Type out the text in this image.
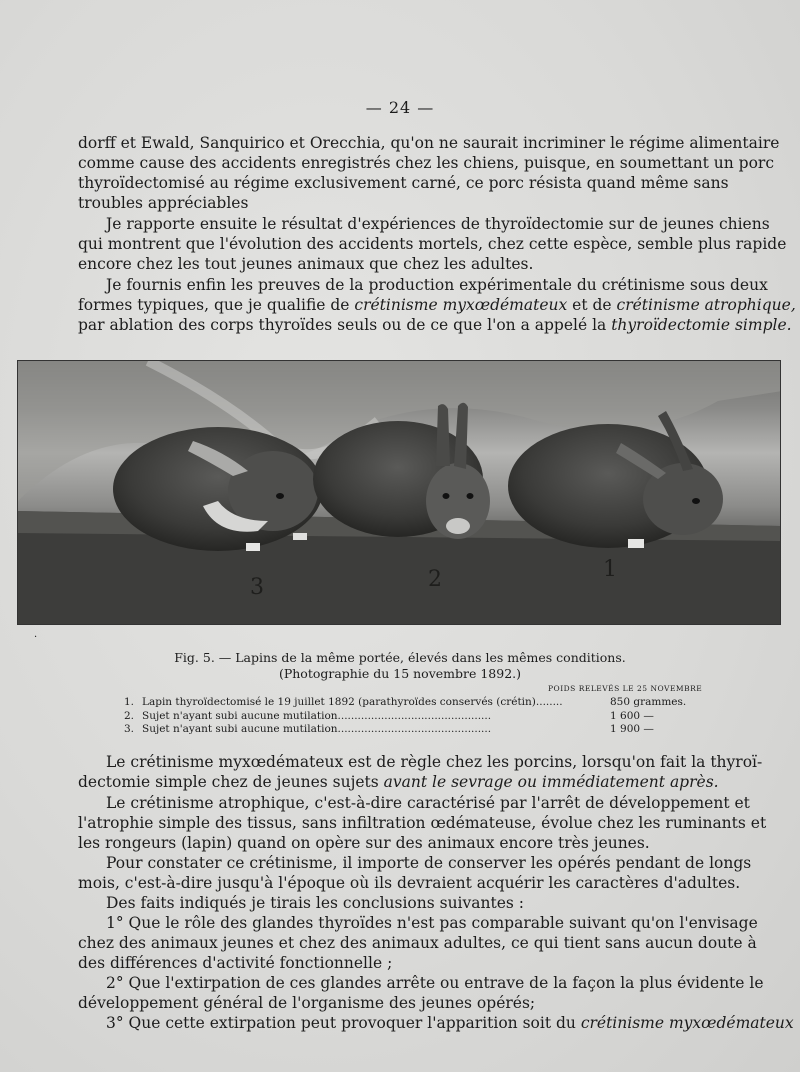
— 24 —

dorff et Ewald, Sanquirico et Orecchia, qu'on ne saurait incriminer le régime alimentaire
comme cause des accidents enregistrés chez les chiens, puisque, en soumettant un porc
thyroïdectomisé au régime exclusivement carné, ce porc résista quand même sans
troubles appréciables

Je rapporte ensuite le résultat d'expériences de thyroïdectomie sur de jeunes chiens
qui montrent que l'évolution des accidents mortels, chez cette espèce, semble plus rapide
encore chez les tout jeunes animaux que chez les adultes.

Je fournis enfin les preuves de la production expérimentale du crétinisme sous deux
formes typiques, que je qualifie de crétinisme myxœdémateux et de crétinisme atrophique,
par ablation des corps thyroïdes seuls ou de ce que l'on a appelé la thyroïdectomie simple.

3	2	1
·
Fig. 5. — Lapins de la même portée, élevés dans les mêmes conditions.
(Photographie du 15 novembre 1892.)
POIDS RELEVÉS LE 25 NOVEMBRE
1. Lapin thyroïdectomisé le 19 juillet 1892 (parathyroïdes conservés (crétin)........	850 grammes.
2. Sujet n'ayant subi aucune mutilation..............................................	1 600 —
3. Sujet n'ayant subi aucune mutilation..............................................	1 900 —

Le crétinisme myxœdémateux est de règle chez les porcins, lorsqu'on fait la thyroï-
dectomie simple chez de jeunes sujets avant le sevrage ou immédiatement après.

Le crétinisme atrophique, c'est-à-dire caractérisé par l'arrêt de développement et
l'atrophie simple des tissus, sans infiltration œdémateuse, évolue chez les ruminants et
les rongeurs (lapin) quand on opère sur des animaux encore très jeunes.

Pour constater ce crétinisme, il importe de conserver les opérés pendant de longs
mois, c'est-à-dire jusqu'à l'époque où ils devraient acquérir les caractères d'adultes.

Des faits indiqués je tirais les conclusions suivantes :

1° Que le rôle des glandes thyroïdes n'est pas comparable suivant qu'on l'envisage
chez des animaux jeunes et chez des animaux adultes, ce qui tient sans aucun doute à
des différences d'activité fonctionnelle ;

2° Que l'extirpation de ces glandes arrête ou entrave de la façon la plus évidente le
développement général de l'organisme des jeunes opérés;

3° Que cette extirpation peut provoquer l'apparition soit du crétinisme myxœdémateux
